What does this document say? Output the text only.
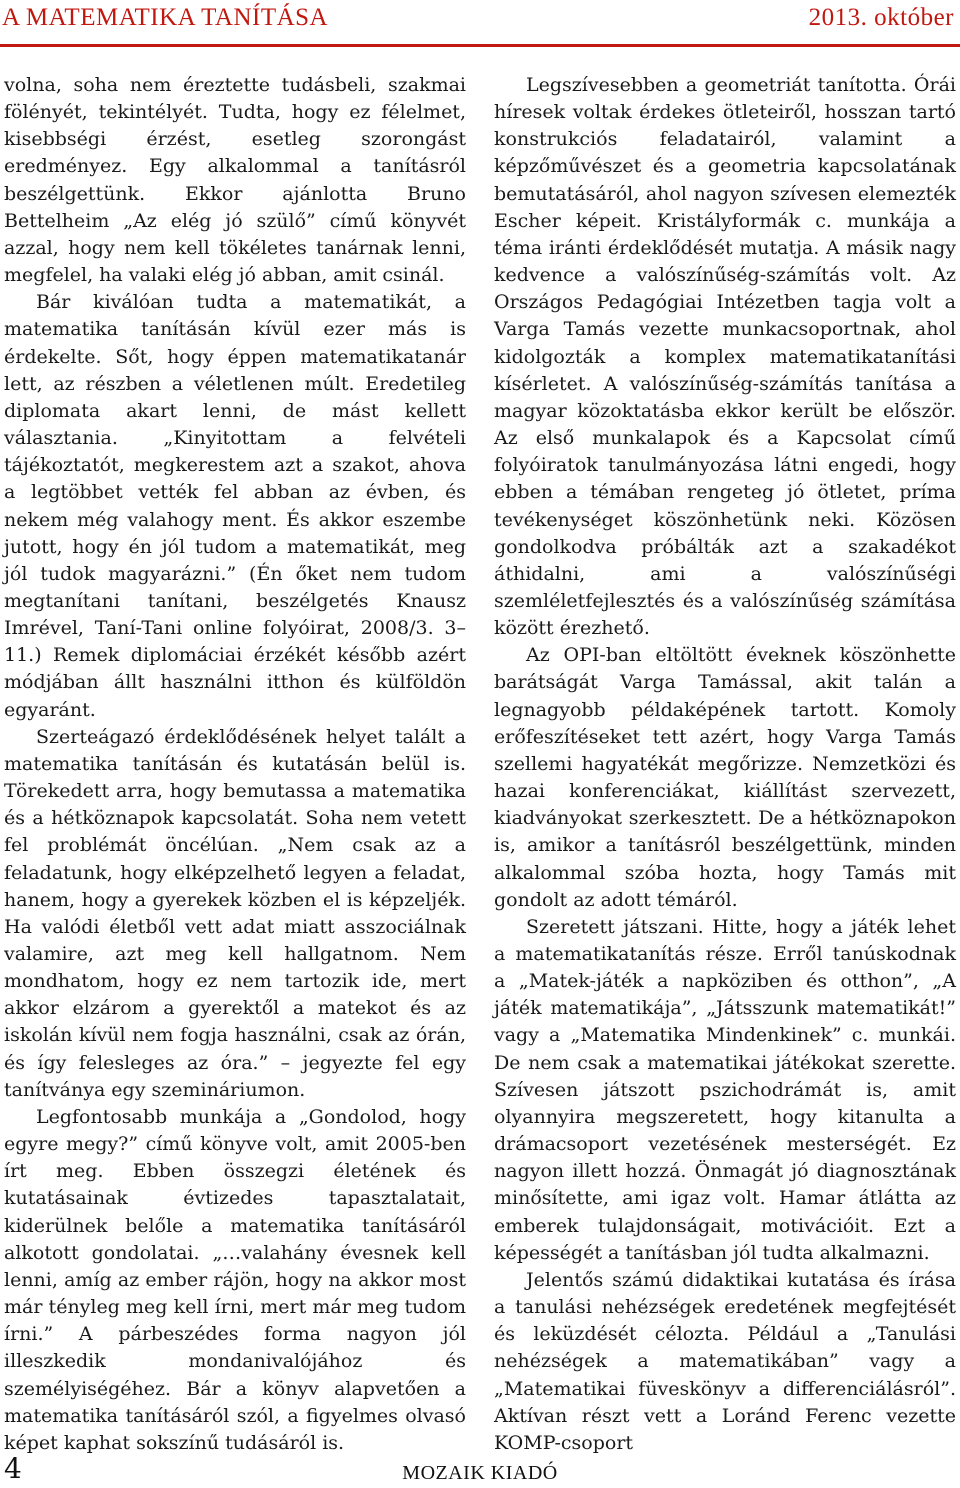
A MATEMATIKA TANÍTÁSA	2013. október

volna, soha nem éreztette tudásbeli, szakmai fölényét, tekintélyét. Tudta, hogy ez félelmet, kisebbségi érzést, esetleg szorongást eredményez. Egy alkalommal a tanításról beszélgettünk. Ekkor ajánlotta Bruno Bettelheim „Az elég jó szülő” című könyvét azzal, hogy nem kell tökéletes tanárnak lenni, megfelel, ha valaki elég jó abban, amit csinál.

Bár kiválóan tudta a matematikát, a matematika tanításán kívül ezer más is érdekelte. Sőt, hogy éppen matematikatanár lett, az részben a véletlenen múlt. Eredetileg diplomata akart lenni, de mást kellett választania. „Kinyitottam a felvételi tájékoztatót, megkerestem azt a szakot, ahova a legtöbbet vették fel abban az évben, és nekem még valahogy ment. És akkor eszembe jutott, hogy én jól tudom a matematikát, meg jól tudok magyarázni.” (Én őket nem tudom megtanítani tanítani, beszélgetés Knausz Imrével, Taní-Tani online folyóirat, 2008/3. 3–11.) Remek diplomáciai érzékét később azért módjában állt használni itthon és külföldön egyaránt.

Szerteágazó érdeklődésének helyet talált a matematika tanításán és kutatásán belül is. Törekedett arra, hogy bemutassa a matematika és a hétköznapok kapcsolatát. Soha nem vetett fel problémát öncélúan. „Nem csak az a feladatunk, hogy elképzelhető legyen a feladat, hanem, hogy a gyerekek közben el is képzeljék. Ha valódi életből vett adat miatt asszociálnak valamire, azt meg kell hallgatnom. Nem mondhatom, hogy ez nem tartozik ide, mert akkor elzárom a gyerektől a matekot és az iskolán kívül nem fogja használni, csak az órán, és így felesleges az óra.” – jegyezte fel egy tanítványa egy szemináriumon.

Legfontosabb munkája a „Gondolod, hogy egyre megy?” című könyve volt, amit 2005-ben írt meg. Ebben összegzi életének és kutatásainak évtizedes tapasztalatait, kiderülnek belőle a matematika tanításáról alkotott gondolatai. „…valahány évesnek kell lenni, amíg az ember rájön, hogy na akkor most már tényleg meg kell írni, mert már meg tudom írni.” A párbeszédes forma nagyon jól illeszkedik mondanivalójához és személyiségéhez. Bár a könyv alapvetően a matematika tanításáról szól, a figyelmes olvasó képet kaphat sokszínű tudásáról is.

Legszívesebben a geometriát tanította. Órái híresek voltak érdekes ötleteiről, hosszan tartó konstrukciós feladatairól, valamint a képzőművészet és a geometria kapcsolatának bemutatásáról, ahol nagyon szívesen elemezték Escher képeit. Kristályformák c. munkája a téma iránti érdeklődését mutatja. A másik nagy kedvence a valószínűség-számítás volt. Az Országos Pedagógiai Intézetben tagja volt a Varga Tamás vezette munkacsoportnak, ahol kidolgozták a komplex matematikatanítási kísérletet. A valószínűség-számítás tanítása a magyar közoktatásba ekkor került be először. Az első munkalapok és a Kapcsolat című folyóiratok tanulmányozása látni engedi, hogy ebben a témában rengeteg jó ötletet, príma tevékenységet köszönhetünk neki. Közösen gondolkodva próbálták azt a szakadékot áthidalni, ami a valószínűségi szemléletfejlesztés és a valószínűség számítása között érezhető.

Az OPI-ban eltöltött éveknek köszönhette barátságát Varga Tamással, akit talán a legnagyobb példaképének tartott. Komoly erőfeszítéseket tett azért, hogy Varga Tamás szellemi hagyatékát megőrizze. Nemzetközi és hazai konferenciákat, kiállítást szervezett, kiadványokat szerkesztett. De a hétköznapokon is, amikor a tanításról beszélgettünk, minden alkalommal szóba hozta, hogy Tamás mit gondolt az adott témáról.

Szeretett játszani. Hitte, hogy a játék lehet a matematikatanítás része. Erről tanúskodnak a „Matek-játék a napköziben és otthon”, „A játék matematikája”, „Játsszunk matematikát!” vagy a „Matematika Mindenkinek” c. munkái. De nem csak a matematikai játékokat szerette. Szívesen játszott pszichodrámát is, amit olyannyira megszeretett, hogy kitanulta a drámacsoport vezetésének mesterségét. Ez nagyon illett hozzá. Önmagát jó diagnosztának minősítette, ami igaz volt. Hamar átlátta az emberek tulajdonságait, motivációit. Ezt a képességét a tanításban jól tudta alkalmazni.

Jelentős számú didaktikai kutatása és írása a tanulási nehézségek eredetének megfejtését és leküzdését célozta. Például a „Tanulási nehézségek a matematikában” vagy a „Matematikai füveskönyv a differenciálásról”. Aktívan részt vett a Loránd Ferenc vezette KOMP-csoport

4	MOZAIK KIADÓ
